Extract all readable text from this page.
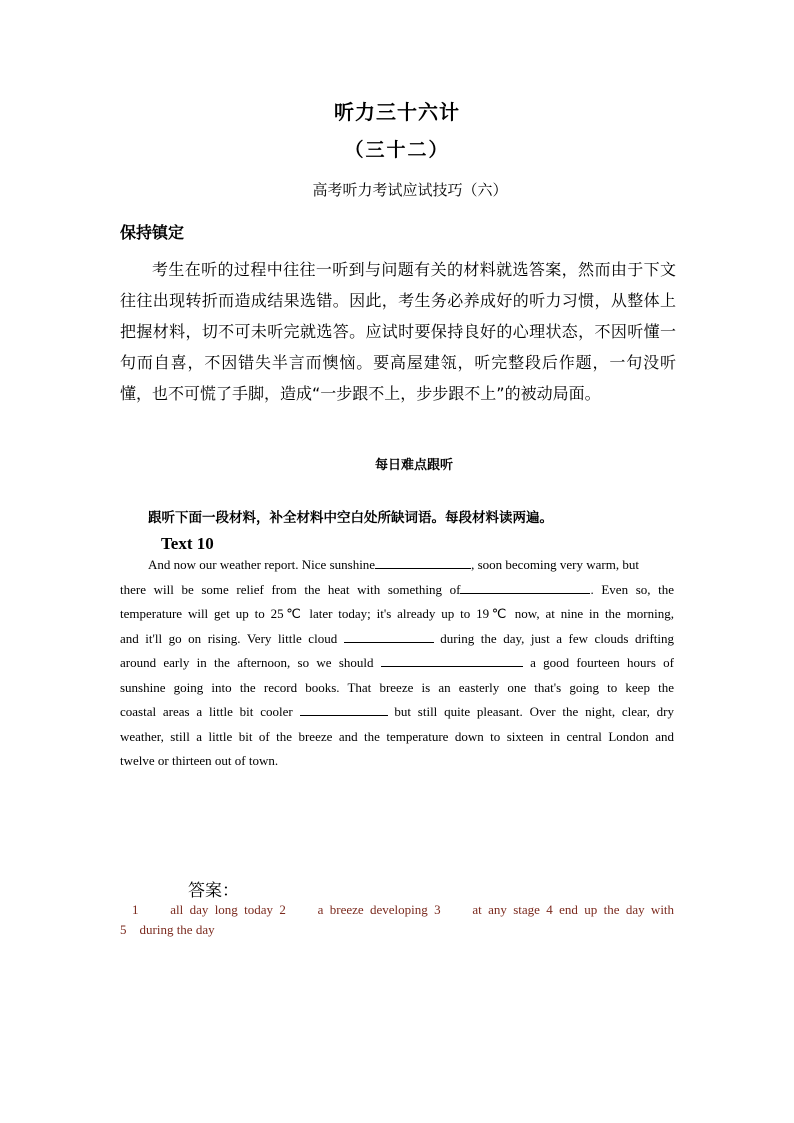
听力三十六计
（三十二）
高考听力考试应试技巧（六）
保持镇定
考生在听的过程中往往一听到与问题有关的材料就选答案，然而由于下文往往出现转折而造成结果选错。因此，考生务必养成好的听力习惯，从整体上把握材料，切不可未听完就选答。应试时要保持良好的心理状态，不因听懂一句而自喜，不因错失半言而懊恼。要高屋建瓴，听完整段后作题，一句没听懂，也不可慌了手脚，造成“一步跟不上，步步跟不上”的被动局面。
每日难点跟听
跟听下面一段材料，补全材料中空白处所缺词语。每段材料读两遍。
Text 10
And now our weather report. Nice sunshine	, soon becoming very warm, but
there will be some relief from the heat with something of	. Even so, the
temperature will get up to 25℃ later today; it's already up to 19℃ now, at nine in the morning,
and it'll go on rising. Very little cloud	during the day, just a few clouds drifting
around early in the afternoon, so we should	a good fourteen hours of
sunshine going into the record books. That breeze is an easterly one that's going to keep the
coastal areas a little bit cooler	but still quite pleasant. Over the night, clear, dry
weather, still a little bit of the breeze and the temperature down to sixteen in central London and
twelve or thirteen out of town.
答案：
1 all day long today 2 a breeze developing 3 at any stage 4 end up the day with
5 during the day
